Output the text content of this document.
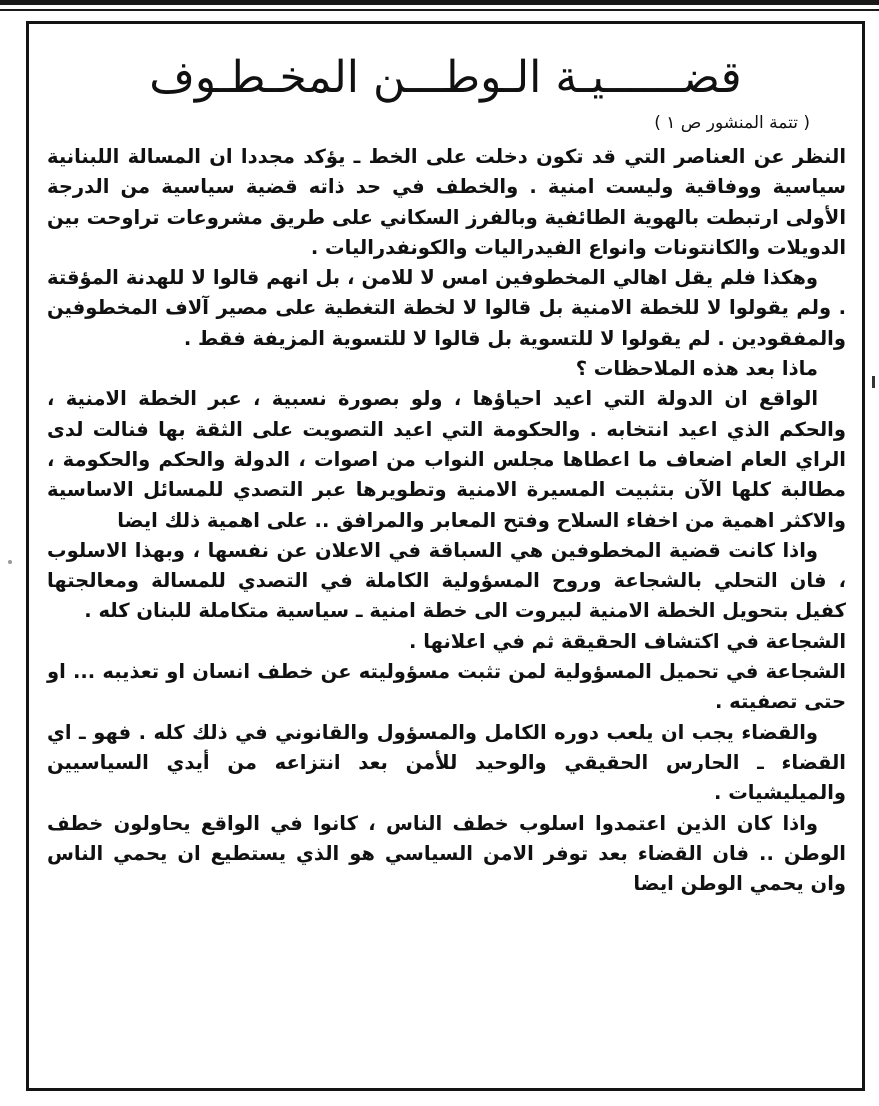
قضــــــيـة الـوطـــن المخـطـوف
( تتمة المنشور ص ١ )

النظر عن العناصر التي قد تكون دخلت على الخط ـ يؤكد مجددا ان المسالة اللبنانية سياسية ووفاقية وليست امنية . والخطف في حد ذاته قضية سياسية من الدرجة الأولى ارتبطت بالهوية الطائفية وبالفرز السكاني على طريق مشروعات تراوحت بين الدويلات والكانتونات وانواع الفيدراليات والكونفدراليات .

وهكذا فلم يقل اهالي المخطوفين امس لا للامن ، بل انهم قالوا لا للهدنة المؤقتة . ولم يقولوا لا للخطة الامنية بل قالوا لا لخطة التغطية على مصير آلاف المخطوفين والمفقودين . لم يقولوا لا للتسوية بل قالوا لا للتسوية المزيفة فقط .

ماذا بعد هذه الملاحظات ؟

الواقع ان الدولة التي اعيد احياؤها ، ولو بصورة نسبية ، عبر الخطة الامنية ، والحكم الذي اعيد انتخابه . والحكومة التي اعيد التصويت على الثقة بها فنالت لدى الراي العام اضعاف ما اعطاها مجلس النواب من اصوات ، الدولة والحكم والحكومة ، مطالبة كلها الآن بتثبيت المسيرة الامنية وتطويرها عبر التصدي للمسائل الاساسية والاكثر اهمية من اخفاء السلاح وفتح المعابر والمرافق .. على اهمية ذلك ايضا

واذا كانت قضية المخطوفين هي السباقة في الاعلان عن نفسها ، وبهذا الاسلوب ، فان التحلي بالشجاعة وروح المسؤولية الكاملة في التصدي للمسالة ومعالجتها كفيل بتحويل الخطة الامنية لبيروت الى خطة امنية ـ سياسية متكاملة للبنان كله .

الشجاعة في اكتشاف الحقيقة ثم في اعلانها .

الشجاعة في تحميل المسؤولية لمن تثبت مسؤوليته عن خطف انسان او تعذيبه ... او حتى تصفيته .

والقضاء يجب ان يلعب دوره الكامل والمسؤول والقانوني في ذلك كله . فهو ـ اي القضاء ـ الحارس الحقيقي والوحيد للأمن بعد انتزاعه من أيدي السياسيين والميليشيات .

واذا كان الذين اعتمدوا اسلوب خطف الناس ، كانوا في الواقع يحاولون خطف الوطن .. فان القضاء بعد توفر الامن السياسي هو الذي يستطيع ان يحمي الناس وان يحمي الوطن ايضا
